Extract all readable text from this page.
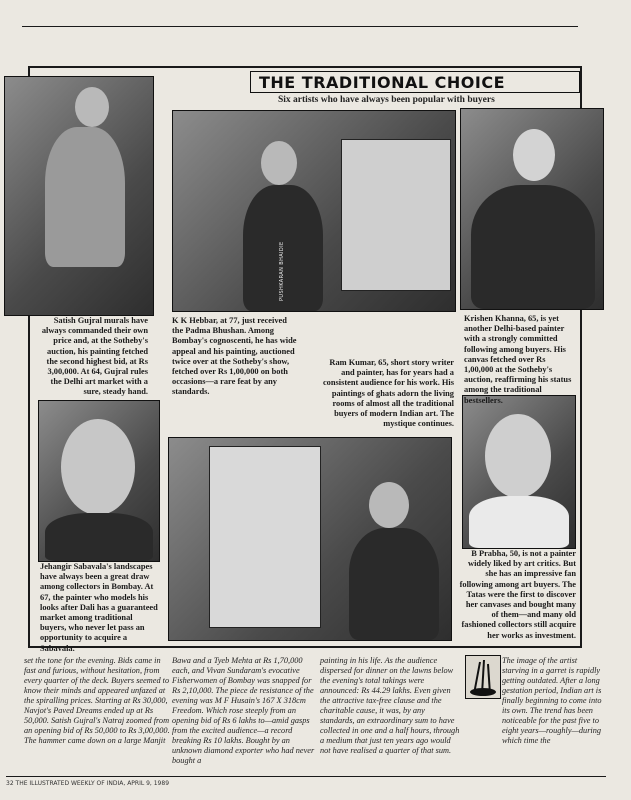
THE TRADITIONAL CHOICE
Six artists who have always been popular with buyers
PUSHKARAN BHAIDIE

Satish Gujral murals have always commanded their own price and, at the Sotheby's auction, his painting fetched the second highest bid, at Rs 3,00,000. At 64, Gujral rules the Delhi art market with a sure, steady hand.

K K Hebbar, at 77, just received the Padma Bhushan. Among Bombay's cognoscenti, he has wide appeal and his painting, auctioned twice over at the Sotheby's show, fetched over Rs 1,00,000 on both occasions—a rare feat by any standards.

Krishen Khanna, 65, is yet another Delhi-based painter with a strongly committed following among buyers. His canvas fetched over Rs 1,00,000 at the Sotheby's auction, reaffirming his status among the traditional bestsellers.

Ram Kumar, 65, short story writer and painter, has for years had a consistent audience for his work. His paintings of ghats adorn the living rooms of almost all the traditional buyers of modern Indian art. The mystique continues.

Jehangir Sabavala's landscapes have always been a great draw among collectors in Bombay. At 67, the painter who models his looks after Dali has a guaranteed market among traditional buyers, who never let pass an opportunity to acquire a Sabavala.

B Prabha, 50, is not a painter widely liked by art critics. But she has an impressive fan following among art buyers. The Tatas were the first to discover her canvases and bought many of them—and many old fashioned collectors still acquire her works as investment.

set the tone for the evening. Bids came in fast and furious, without hesitation, from every quarter of the deck. Buyers seemed to know their minds and appeared unfazed at the spiralling prices. Starting at Rs 30,000, Navjot's Paved Dreams ended up at Rs 50,000. Satish Gujral's Natraj zoomed from an opening bid of Rs 50,000 to Rs 3,00,000. The hammer came down on a large Manjit

Bawa and a Tyeb Mehta at Rs 1,70,000 each, and Vivan Sundaram's evocative Fisherwomen of Bombay was snapped for Rs 2,10,000. The piece de resistance of the evening was M F Husain's 167 X 318cm Freedom. Which rose steeply from an opening bid of Rs 6 lakhs to—amid gasps from the excited audience—a record breaking Rs 10 lakhs. Bought by an unknown diamond exporter who had never bought a

painting in his life. As the audience dispersed for dinner on the lawns below the evening's total takings were announced: Rs 44.29 lakhs. Even given the attractive tax-free clause and the charitable cause, it was, by any standards, an extraordinary sum to have collected in one and a half hours, through a medium that just ten years ago would not have realised a quarter of that sum.

The image of the artist starving in a garret is rapidly getting outdated. After a long gestation period, Indian art is finally beginning to come into its own. The trend has been noticeable for the past five to eight years—roughly—during which time the

32 THE ILLUSTRATED WEEKLY OF INDIA, APRIL 9, 1989
